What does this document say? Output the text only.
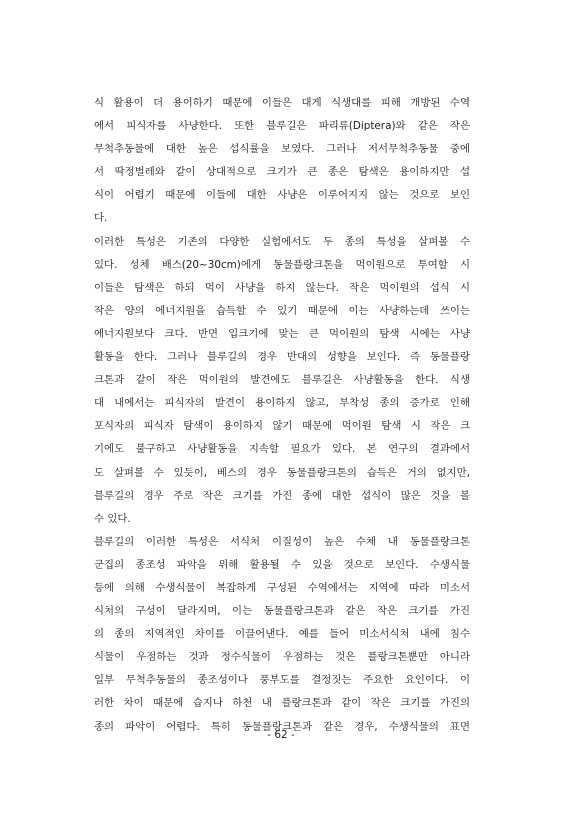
식 활용이 더 용이하기 때문에 이들은 대게 식생대를 피해 개방된 수역
에서 피식자를 사냥한다. 또한 블루길은 파리류(Diptera)와 같은 작은
무척추동물에 대한 높은 섭식률을 보였다. 그러나 저서무척추동물 중에
서 딱정벌레와 같이 상대적으로 크기가 큰 종은 탐색은 용이하지만 섭
식이 어렵기 때문에 이들에 대한 사냥은 이루어지지 않는 것으로 보인
다.
이러한 특성은 기존의 다양한 실험에서도 두 종의 특성을 살펴볼 수
있다. 성체 배스(20~30cm)에게 동물플랑크톤을 먹이원으로 투여할 시
이들은 탐색은 하되 먹이 사냥을 하지 않는다. 작은 먹이원의 섭식 시
작은 양의 에너지원을 습득할 수 있기 때문에 이는 사냥하는데 쓰이는
에너지원보다 크다. 반면 입크기에 맞는 큰 먹이원의 탐색 시에는 사냥
활동을 한다. 그러나 블루길의 경우 반대의 성향을 보인다. 즉 동물플랑
크톤과 같이 작은 먹이원의 발견에도 블루길은 사냥활동을 한다. 식생
대 내에서는 피식자의 발견이 용이하지 않고, 부착성 종의 증가로 인해
포식자의 피식자 탐색이 용이하지 않기 때문에 먹이원 탐색 시 작은 크
기에도 불구하고 사냥활동을 지속할 필요가 있다. 본 연구의 결과에서
도 살펴볼 수 있듯이, 베스의 경우 동물플랑크톤의 습득은 거의 없지만,
블루길의 경우 주로 작은 크기를 가진 종에 대한 섭식이 많은 것을 볼
수 있다.
블루길의 이러한 특성은 서식처 이질성이 높은 수체 내 동물플랑크톤
군집의 종조성 파악을 위해 활용될 수 있을 것으로 보인다. 수생식물
등에 의해 수생식물이 복잡하게 구성된 수역에서는 지역에 따라 미소서
식처의 구성이 달라지며, 이는 동물플랑크톤과 같은 작은 크기를 가진
의 종의 지역적인 차이를 이끌어낸다. 예를 들어 미소서식처 내에 침수
식물이 우점하는 것과 정수식물이 우점하는 것은 플랑크톤뿐만 아니라
일부 무척추동물의 종조성이나 풍부도를 결정짓는 주요한 요인이다. 이
러한 차이 때문에 습지나 하천 내 플랑크톤과 같이 작은 크기를 가진의
종의 파악이 어렵다. 특히 동물플랑크톤과 같은 경우, 수생식물의 표면
- 62 -
